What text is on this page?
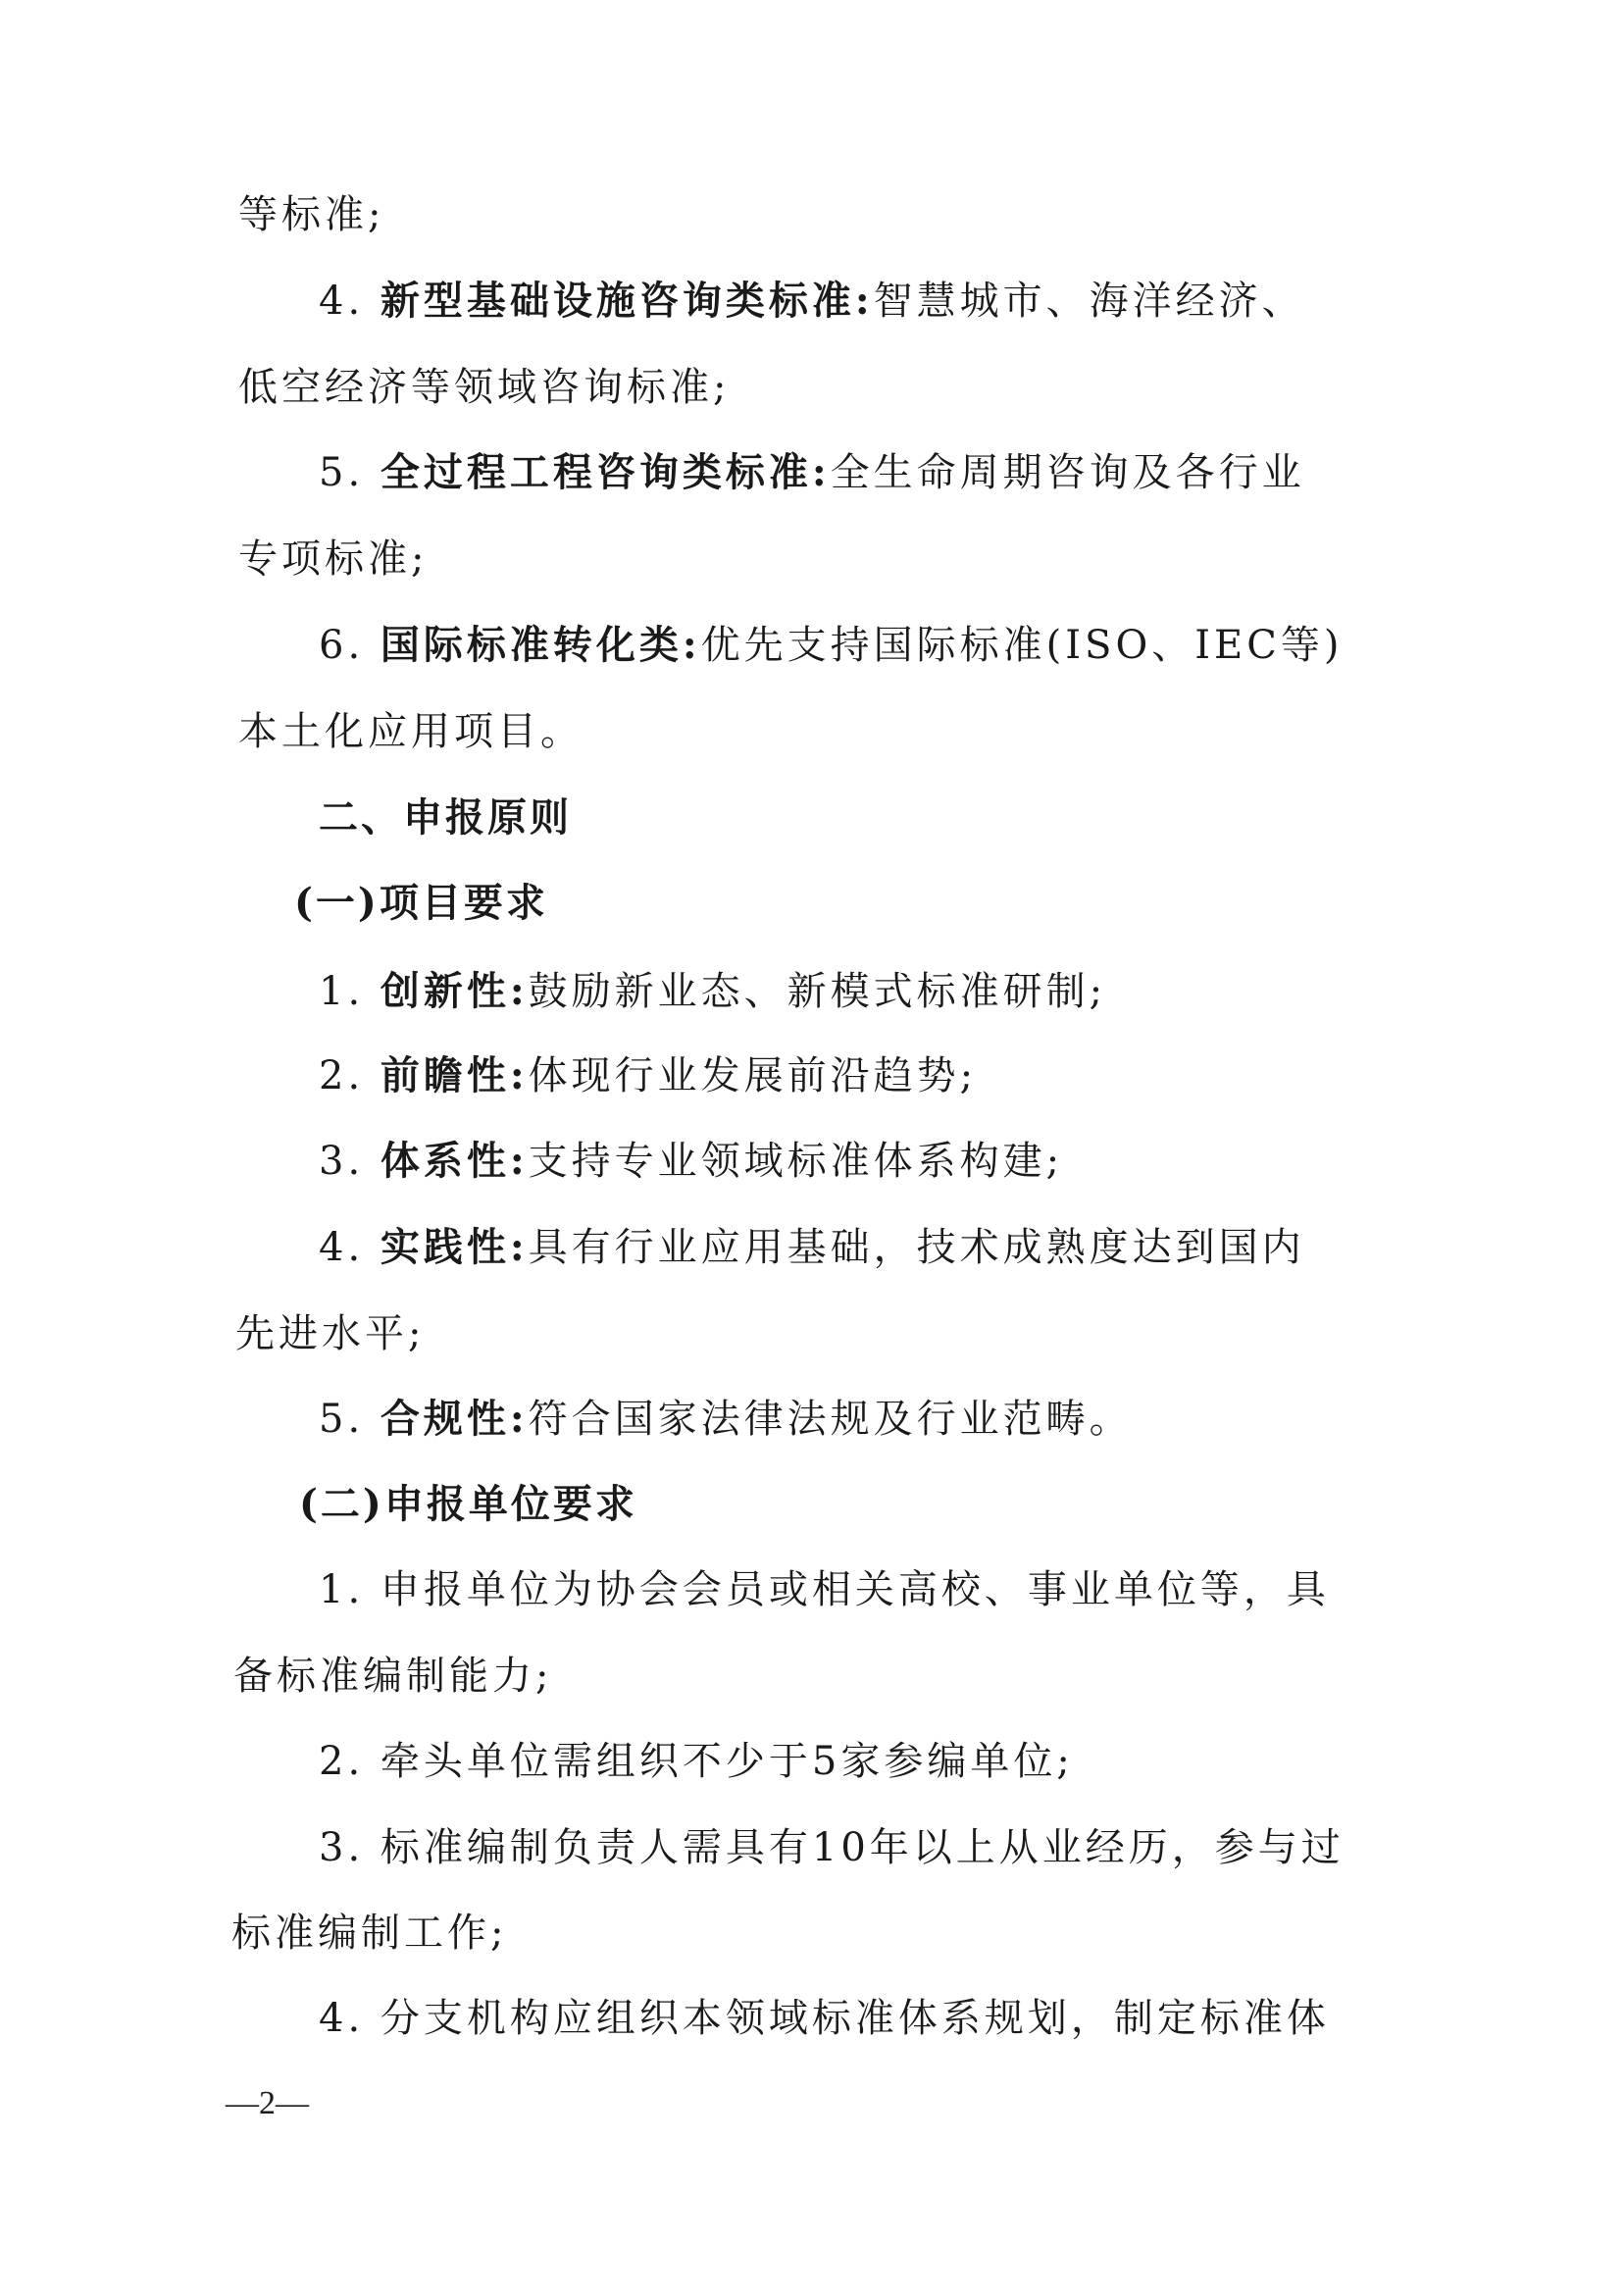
等标准;
4. 新型基础设施咨询类标准:智慧城市、海洋经济、
低空经济等领域咨询标准;
5. 全过程工程咨询类标准:全生命周期咨询及各行业
专项标准;
6. 国际标准转化类:优先支持国际标准(ISO、IEC等)
本土化应用项目。
二、申报原则
(一)项目要求
1. 创新性:鼓励新业态、新模式标准研制;
2. 前瞻性:体现行业发展前沿趋势;
3. 体系性:支持专业领域标准体系构建;
4. 实践性:具有行业应用基础，技术成熟度达到国内
先进水平;
5. 合规性:符合国家法律法规及行业范畴。
(二)申报单位要求
1. 申报单位为协会会员或相关高校、事业单位等，具
备标准编制能力;
2. 牵头单位需组织不少于5家参编单位;
3. 标准编制负责人需具有10年以上从业经历，参与过
标准编制工作;
4. 分支机构应组织本领域标准体系规划，制定标准体
—2—
